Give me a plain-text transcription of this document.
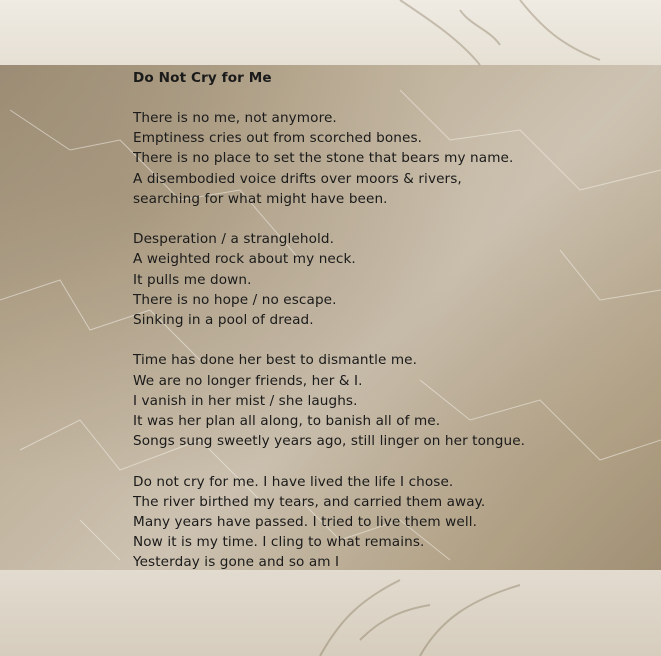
Do Not Cry for Me
There is no me, not anymore.
Emptiness cries out from scorched bones.
There is no place to set the stone that bears my name.
A disembodied voice drifts over moors & rivers,
searching for what might have been.
Desperation / a stranglehold.
A weighted rock about my neck.
It pulls me down.
There is no hope / no escape.
Sinking in a pool of dread.
Time has done her best to dismantle me.
We are no longer friends, her & I.
I vanish in her mist / she laughs.
It was her plan all along, to banish all of me.
Songs sung sweetly years ago, still linger on her tongue.
Do not cry for me. I have lived the life I chose.
The river birthed my tears, and carried them away.
Many years have passed. I tried to live them well.
Now it is my time. I cling to what remains.
Yesterday is gone and so am I
